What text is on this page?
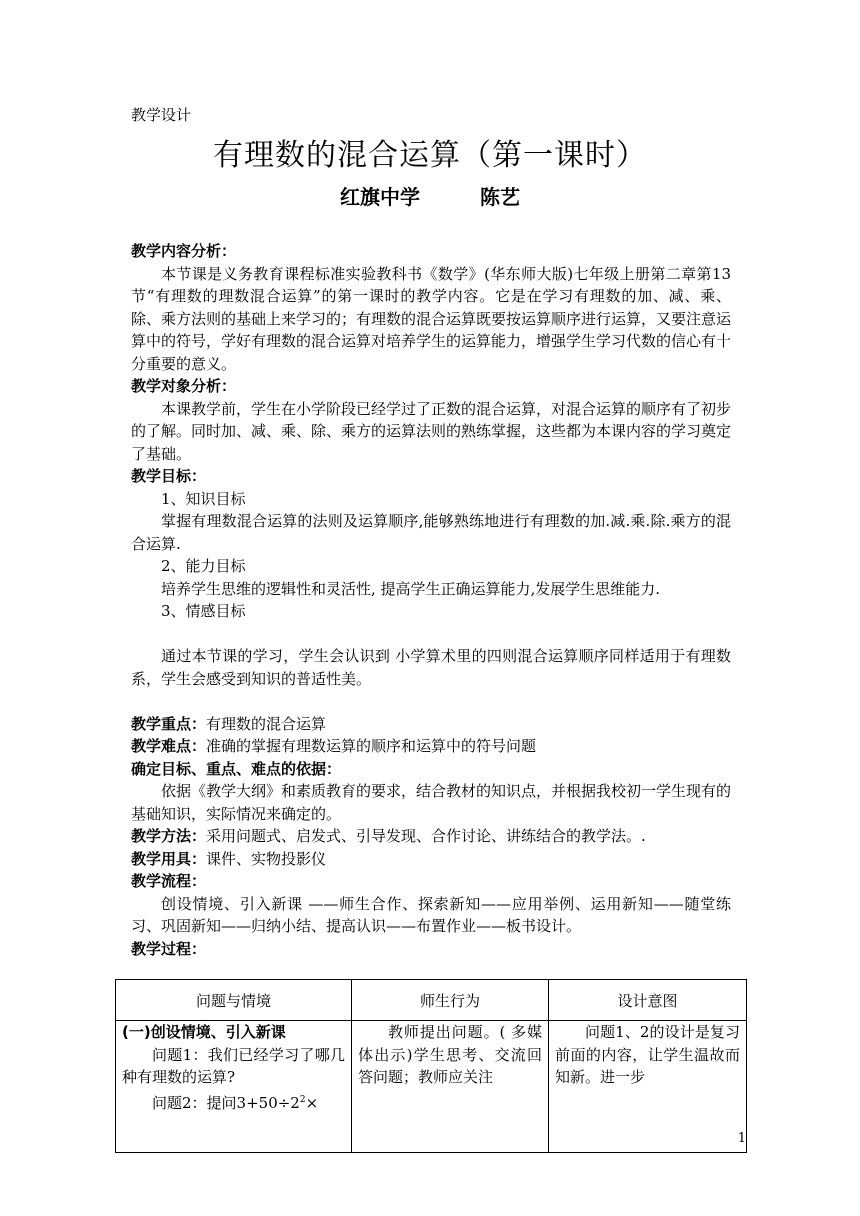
教学设计
有理数的混合运算（第一课时）
红旗中学	陈艺

教学内容分析：

本节课是义务教育课程标准实验教科书《数学》(华东师大版)七年级上册第二章第13节“有理数的理数混合运算”的第一课时的教学内容。它是在学习有理数的加、减、乘、除、乘方法则的基础上来学习的；有理数的混合运算既要按运算顺序进行运算，又要注意运算中的符号，学好有理数的混合运算对培养学生的运算能力，增强学生学习代数的信心有十分重要的意义。

教学对象分析：

本课教学前，学生在小学阶段已经学过了正数的混合运算，对混合运算的顺序有了初步的了解。同时加、减、乘、除、乘方的运算法则的熟练掌握，这些都为本课内容的学习奠定了基础。

教学目标：

1、知识目标

掌握有理数混合运算的法则及运算顺序,能够熟练地进行有理数的加.减.乘.除.乘方的混合运算.

2、能力目标

培养学生思维的逻辑性和灵活性, 提高学生正确运算能力,发展学生思维能力.

3、情感目标

通过本节课的学习，学生会认识到 小学算术里的四则混合运算顺序同样适用于有理数系，学生会感受到知识的普适性美。

教学重点：有理数的混合运算

教学难点：准确的掌握有理数运算的顺序和运算中的符号问题

确定目标、重点、难点的依据：

依据《教学大纲》和素质教育的要求，结合教材的知识点，并根据我校初一学生现有的基础知识，实际情况来确定的。

教学方法：采用问题式、启发式、引导发现、合作讨论、讲练结合的教学法。.

教学用具：课件、实物投影仪

教学流程：

创设情境、引入新课 ——师生合作、探索新知——应用举例、运用新知——随堂练习、巩固新知——归纳小结、提高认识——布置作业——板书设计。

教学过程：

问题与情境	师生行为	设计意图

(一)创设情境、引入新课
问题1：我们已经学习了哪几种有理数的运算?
问题2：提问$3+50\div 2^2\times$	教师提出问题。( 多媒体出示)学生思考、交流回答问题；教师应关注	问题1、2的设计是复习前面的内容，让学生温故而知新。进一步
1
